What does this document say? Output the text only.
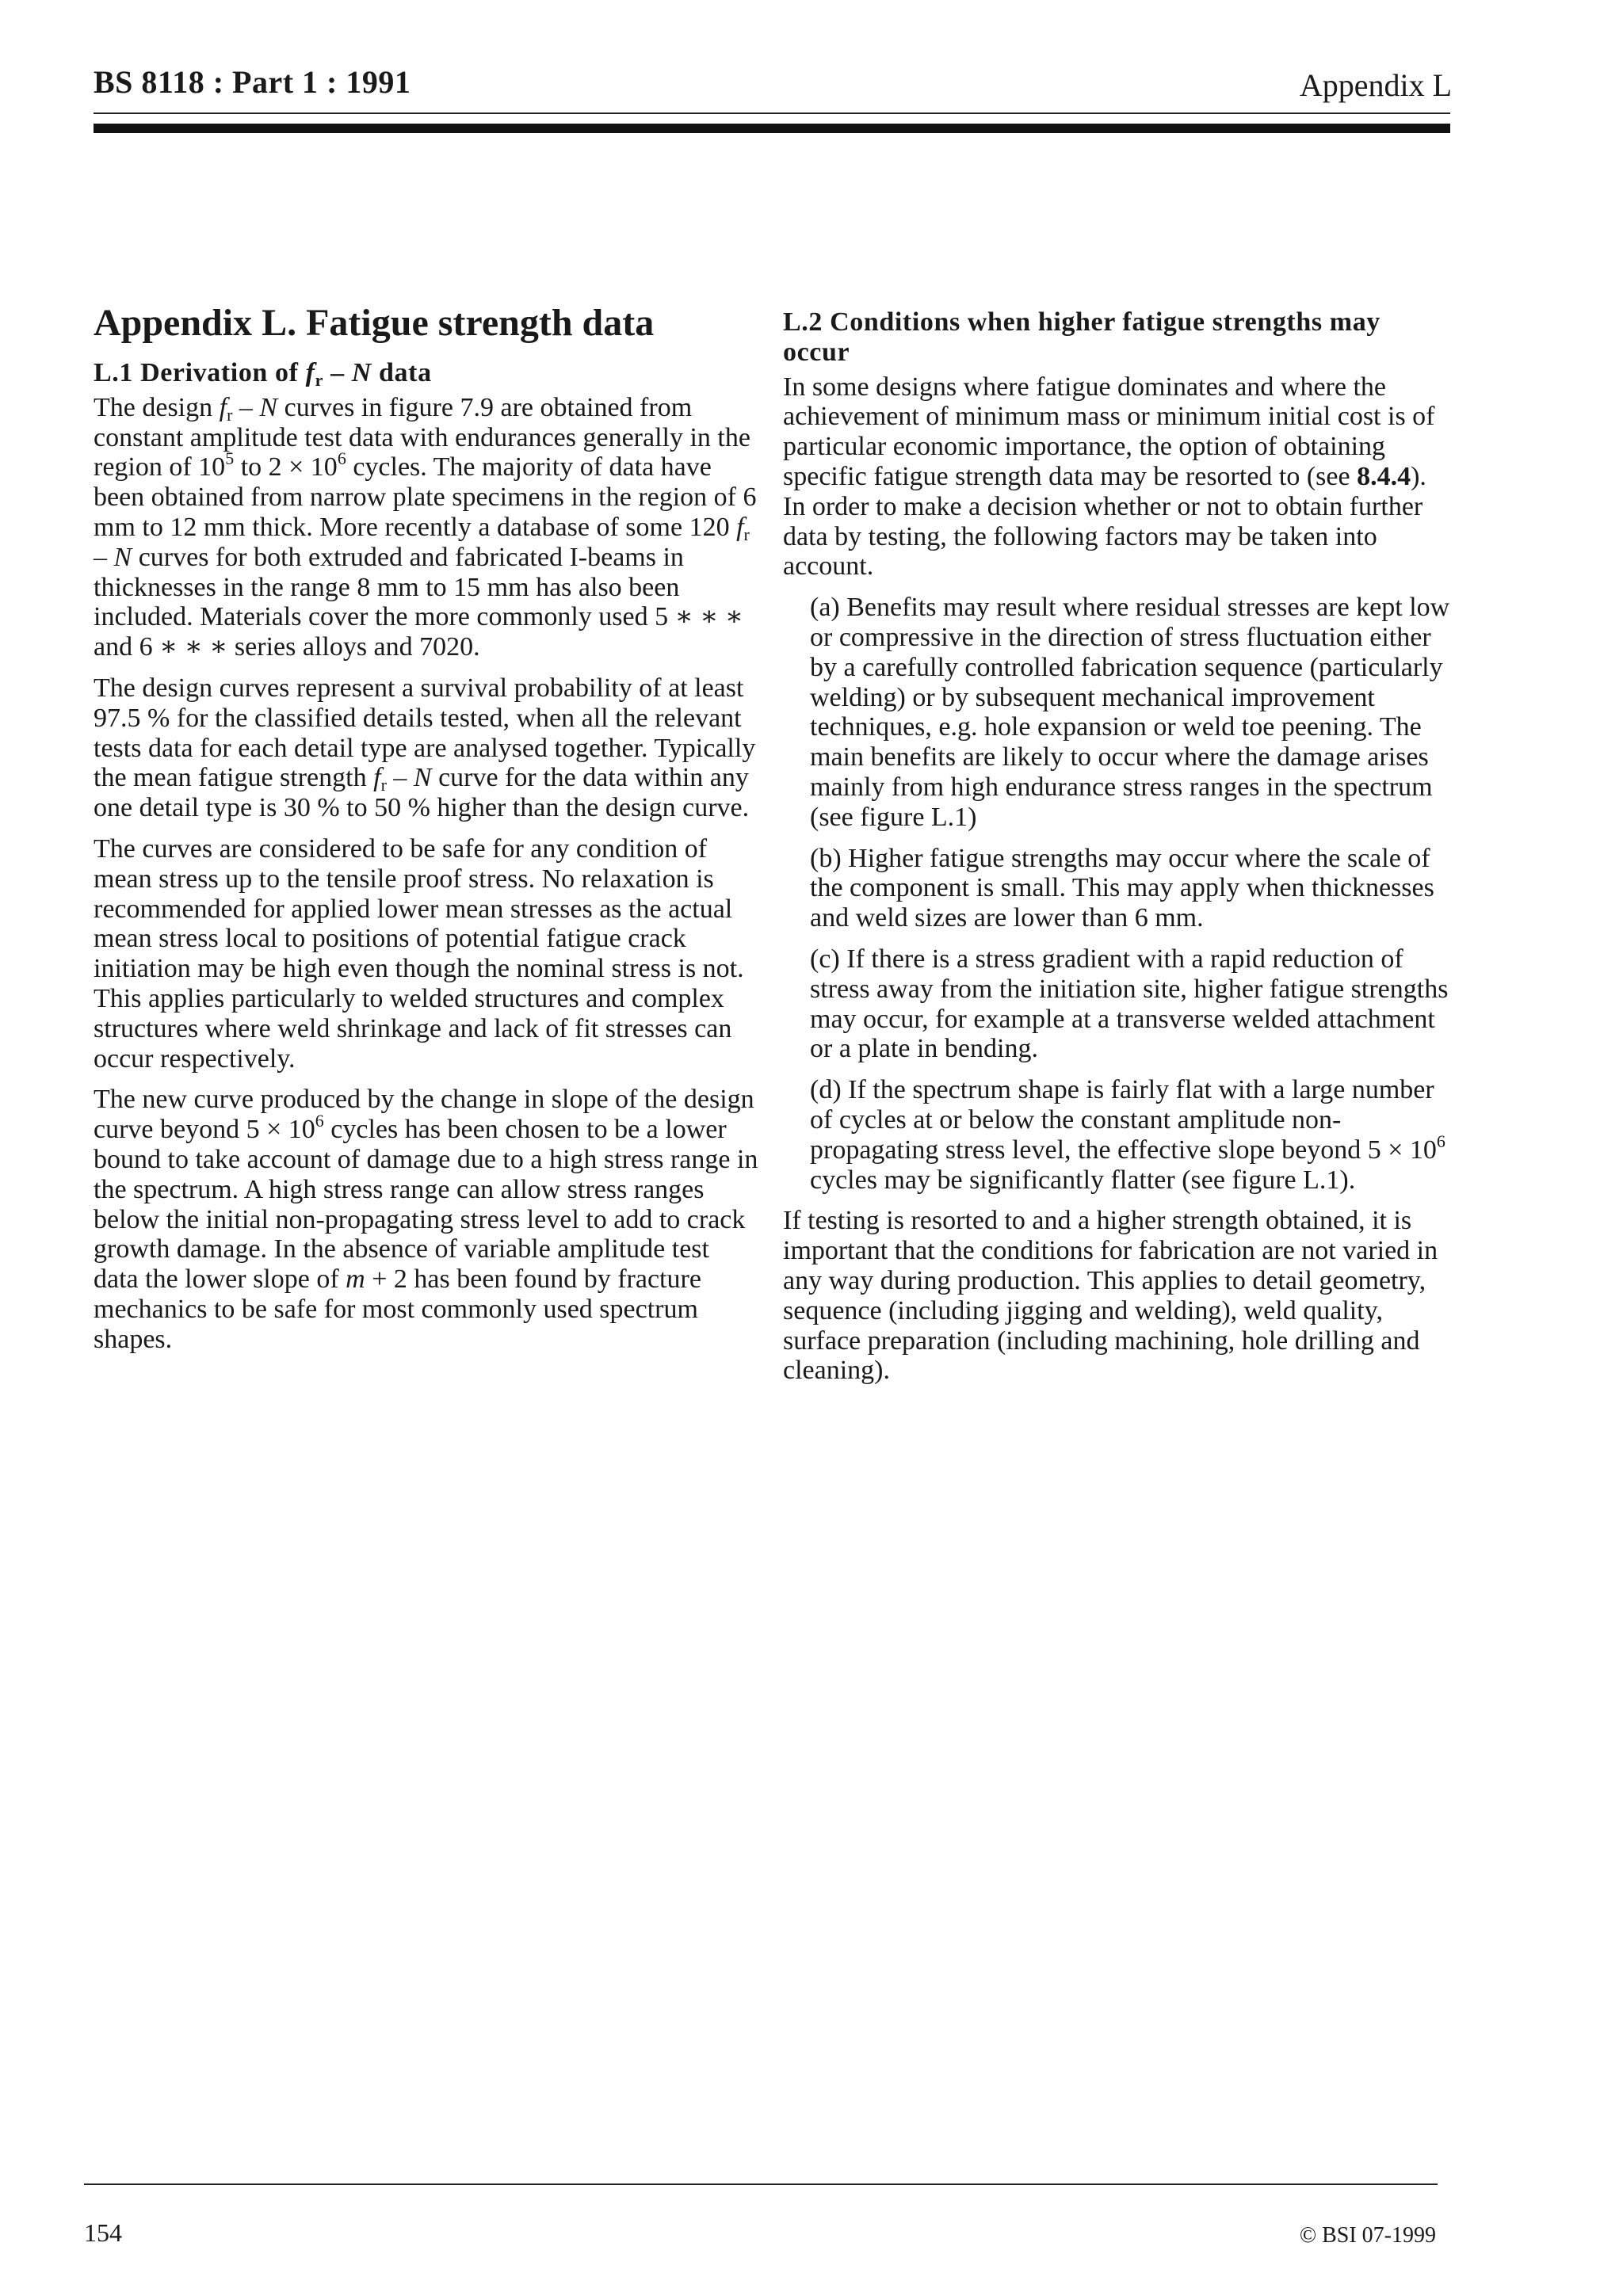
BS 8118 : Part 1 : 1991	Appendix L
Appendix L. Fatigue strength data
L.1 Derivation of $f_r$ – N data

The design $f_r$ – N curves in figure 7.9 are obtained from constant amplitude test data with endurances generally in the region of $10^5$ to $2 \times 10^6$ cycles. The majority of data have been obtained from narrow plate specimens in the region of 6 mm to 12 mm thick. More recently a database of some 120 $f_r$ – N curves for both extruded and fabricated I-beams in thicknesses in the range 8 mm to 15 mm has also been included. Materials cover the more commonly used 5 ∗ ∗ ∗ and 6 ∗ ∗ ∗ series alloys and 7020.

The design curves represent a survival probability of at least 97.5 % for the classified details tested, when all the relevant tests data for each detail type are analysed together. Typically the mean fatigue strength $f_r$ – N curve for the data within any one detail type is 30 % to 50 % higher than the design curve.

The curves are considered to be safe for any condition of mean stress up to the tensile proof stress. No relaxation is recommended for applied lower mean stresses as the actual mean stress local to positions of potential fatigue crack initiation may be high even though the nominal stress is not. This applies particularly to welded structures and complex structures where weld shrinkage and lack of fit stresses can occur respectively.

The new curve produced by the change in slope of the design curve beyond $5 \times 10^6$ cycles has been chosen to be a lower bound to take account of damage due to a high stress range in the spectrum. A high stress range can allow stress ranges below the initial non-propagating stress level to add to crack growth damage. In the absence of variable amplitude test data the lower slope of m + 2 has been found by fracture mechanics to be safe for most commonly used spectrum shapes.

L.2 Conditions when higher fatigue strengths may occur

In some designs where fatigue dominates and where the achievement of minimum mass or minimum initial cost is of particular economic importance, the option of obtaining specific fatigue strength data may be resorted to (see 8.4.4). In order to make a decision whether or not to obtain further data by testing, the following factors may be taken into account.

(a) Benefits may result where residual stresses are kept low or compressive in the direction of stress fluctuation either by a carefully controlled fabrication sequence (particularly welding) or by subsequent mechanical improvement techniques, e.g. hole expansion or weld toe peening. The main benefits are likely to occur where the damage arises mainly from high endurance stress ranges in the spectrum (see figure L.1)

(b) Higher fatigue strengths may occur where the scale of the component is small. This may apply when thicknesses and weld sizes are lower than 6 mm.

(c) If there is a stress gradient with a rapid reduction of stress away from the initiation site, higher fatigue strengths may occur, for example at a transverse welded attachment or a plate in bending.

(d) If the spectrum shape is fairly flat with a large number of cycles at or below the constant amplitude non-propagating stress level, the effective slope beyond $5 \times 10^6$ cycles may be significantly flatter (see figure L.1).

If testing is resorted to and a higher strength obtained, it is important that the conditions for fabrication are not varied in any way during production. This applies to detail geometry, sequence (including jigging and welding), weld quality, surface preparation (including machining, hole drilling and cleaning).

154	© BSI 07-1999
